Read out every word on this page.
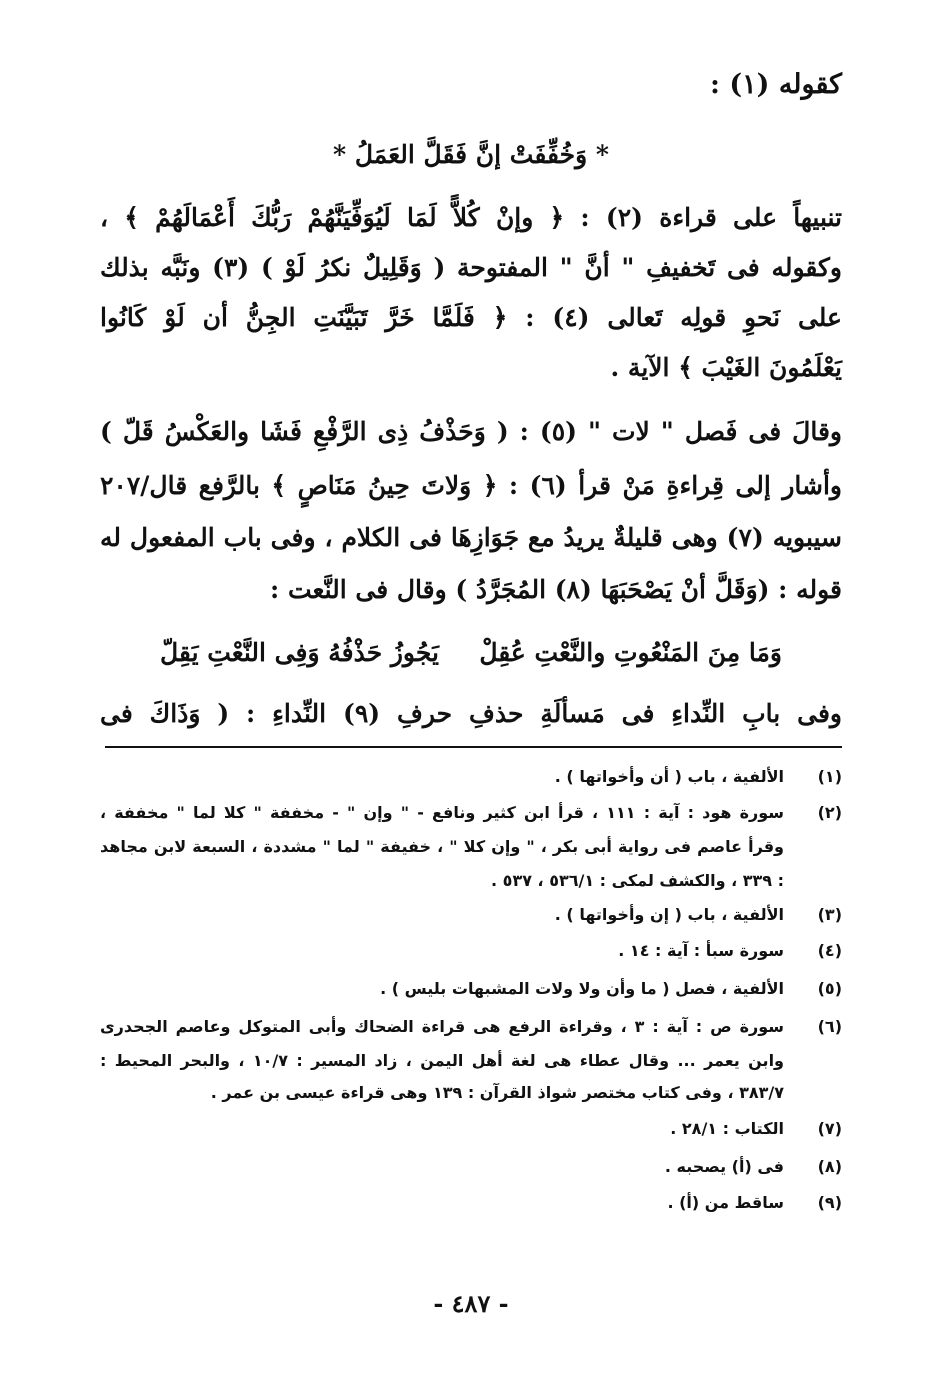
كقوله (١) :
* وَخُفِّفَتْ إنَّ فَقَلَّ العَمَلُ *
تنبيهاً على قراءة (٢) : ﴿ وإنْ كُلاًّ لَمَا لَيُوَفِّيَنَّهُمْ رَبُّكَ أَعْمَالَهُمْ ﴾ ،
وكقوله فى تَخفيفِ " أنَّ " المفتوحة ( وَقَلِيلٌ نكرُ لَوْ ) (٣) ونَبَّه بذلك
على نَحوِ قولِه تَعالى (٤) : ﴿ فَلَمَّا خَرَّ تَبَيَّنَتِ الجِنُّ أن لَوْ كَانُوا
يَعْلَمُونَ الغَيْبَ ﴾ الآية .
وقالَ فى فَصل " لات " (٥) : ( وَحَذْفُ ذِى الرَّفْعِ فَشَا والعَكْسُ قَلّ )
وأشار إلى قِراءةِ مَنْ قرأ (٦) : ﴿ وَلاتَ حِينُ مَنَاصٍ ﴾ بالرَّفع قال/٢٠٧
سيبويه (٧) وهى قليلةٌ يريدُ مع جَوَازِهَا فى الكلام ، وفى باب المفعول له
قوله : (وَقَلَّ أنْ يَصْحَبَهَا (٨) المُجَرَّدُ ) وقال فى النَّعت :
وَمَا مِنَ المَنْعُوتِ والنَّعْتِ عُقِلْ
يَجُوزُ حَذْفُهُ وَفِى النَّعْتِ يَقِلّ
وفى بابِ النِّداءِ فى مَسألَةِ حذفِ حرفِ (٩) النِّداءِ : ( وَذَاكَ فى
(١)
الألفية ، باب ( أن وأخواتها ) .
(٢)
سورة هود : آية : ١١١ ، قرأ ابن كثير ونافع - " وإن " - مخففة " كلا لما " مخففة ،
وقرأ عاصم فى رواية أبى بكر ، " وإن كلا " ، خفيفة " لما " مشددة ، السبعة لابن مجاهد
: ٣٣٩ ، والكشف لمكى : ٥٣٦/١ ، ٥٣٧ .
(٣)
الألفية ، باب ( إن وأخواتها ) .
(٤)
سورة سبأ : آية : ١٤ .
(٥)
الألفية ، فصل ( ما وأن ولا ولات المشبهات بليس ) .
(٦)
سورة ص : آية : ٣ ، وقراءة الرفع هى قراءة الضحاك وأبى المتوكل وعاصم الجحدرى
وابن يعمر ... وقال عطاء هى لغة أهل اليمن ، زاد المسير : ١٠/٧ ، والبحر المحيط :
٣٨٣/٧ ، وفى كتاب مختصر شواذ القرآن : ١٣٩ وهى قراءة عيسى بن عمر .
(٧)
الكتاب : ٢٨/١ .
(٨)
فى (أ) يصحبه .
(٩)
ساقط من (أ) .
- ٤٨٧ -
